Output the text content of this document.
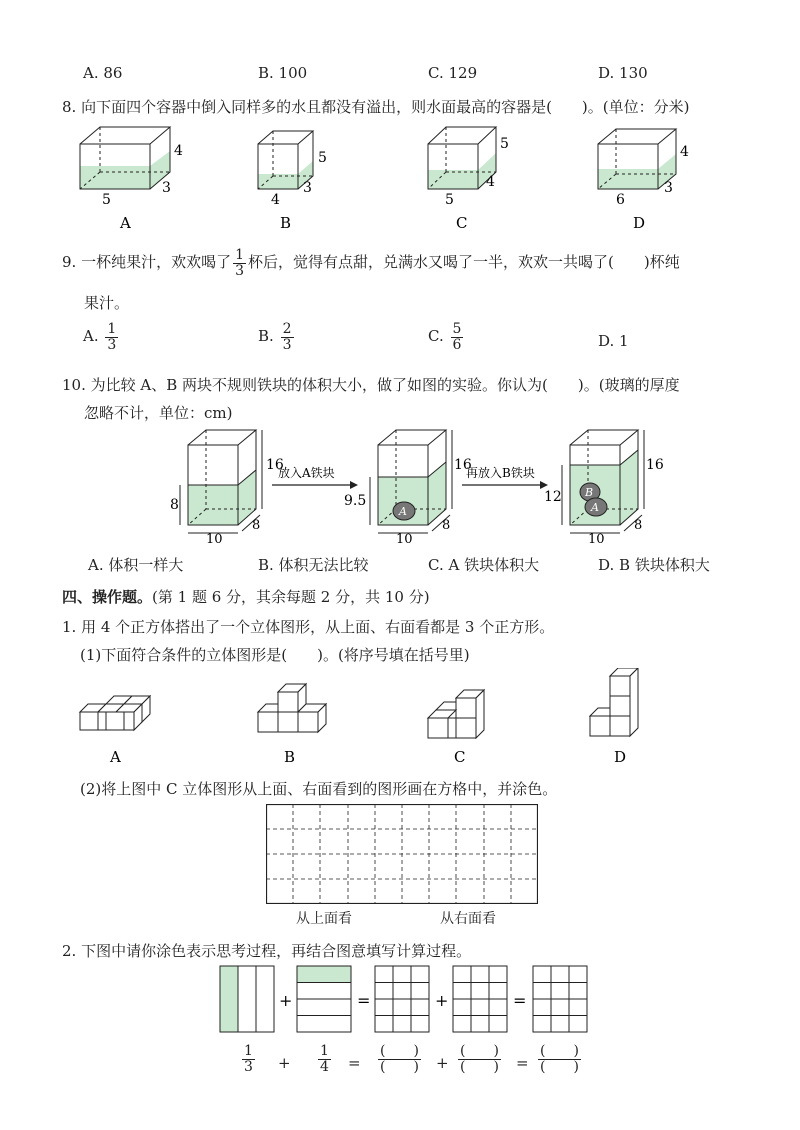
A. 86	B. 100	C. 129	D. 130
8. 向下面四个容器中倒入同样多的水且都没有溢出，则水面最高的容器是(　　)。(单位：分米)
5
3
4
A
4
3
5
B
5
4
5
C
6
3
4
D
9. 一杯纯果汁，欢欢喝了 $\frac{1}{3}$ 杯后，觉得有点甜，兑满水又喝了一半，欢欢一共喝了(　　)杯纯
果汁。
A. $\frac{1}{3}$	B. $\frac{2}{3}$	C. $\frac{5}{6}$	D. 1
10. 为比较 A、B 两块不规则铁块的体积大小，做了如图的实验。你认为(　　)。(玻璃的厚度
忽略不计，单位：cm)
8
16
10
8
放入A铁块
A
9.5
16
10
8
再放入B铁块
B
A
12
16
10
8
A. 体积一样大	B. 体积无法比较	C. A 铁块体积大	D. B 铁块体积大
四、操作题。(第 1 题 6 分，其余每题 2 分，共 10 分)
1. 用 4 个正方体搭出了一个立体图形，从上面、右面看都是 3 个正方形。
(1)下面符合条件的立体图形是(　　)。(将序号填在括号里)
A	B	C	D
(2)将上图中 C 立体图形从上面、右面看到的图形画在方格中，并涂色。
从上面看	从右面看
2. 下图中请你涂色表示思考过程，再结合图意填写计算过程。
+	=	+	=
$\frac{1}{3} + \frac{1}{4} = \frac{( )}{( )} + \frac{( )}{( )} = \frac{( )}{( )}$
